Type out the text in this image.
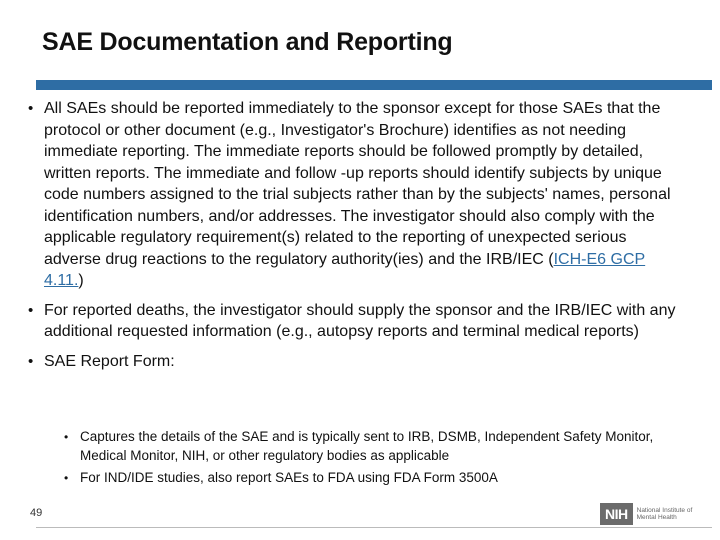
SAE Documentation and Reporting
• All SAEs should be reported immediately to the sponsor except for those SAEs that the protocol or other document (e.g., Investigator's Brochure) identifies as not needing immediate reporting. The immediate reports should be followed promptly by detailed, written reports. The immediate and follow -up reports should identify subjects by unique code numbers assigned to the trial subjects rather than by the subjects' names, personal identification numbers, and/or addresses. The investigator should also comply with the applicable regulatory requirement(s) related to the reporting of unexpected serious adverse drug reactions to the regulatory authority(ies) and the IRB/IEC (ICH-E6 GCP 4.11.)
• For reported deaths, the investigator should supply the sponsor and the IRB/IEC with any additional requested information (e.g., autopsy reports and terminal medical reports)
• SAE Report Form:
• Captures the details of the SAE and is typically sent to IRB, DSMB, Independent Safety Monitor, Medical Monitor, NIH, or other regulatory bodies as applicable
• For IND/IDE studies, also report SAEs to FDA using FDA Form 3500A
49	NIH	National Institute of Mental Health
